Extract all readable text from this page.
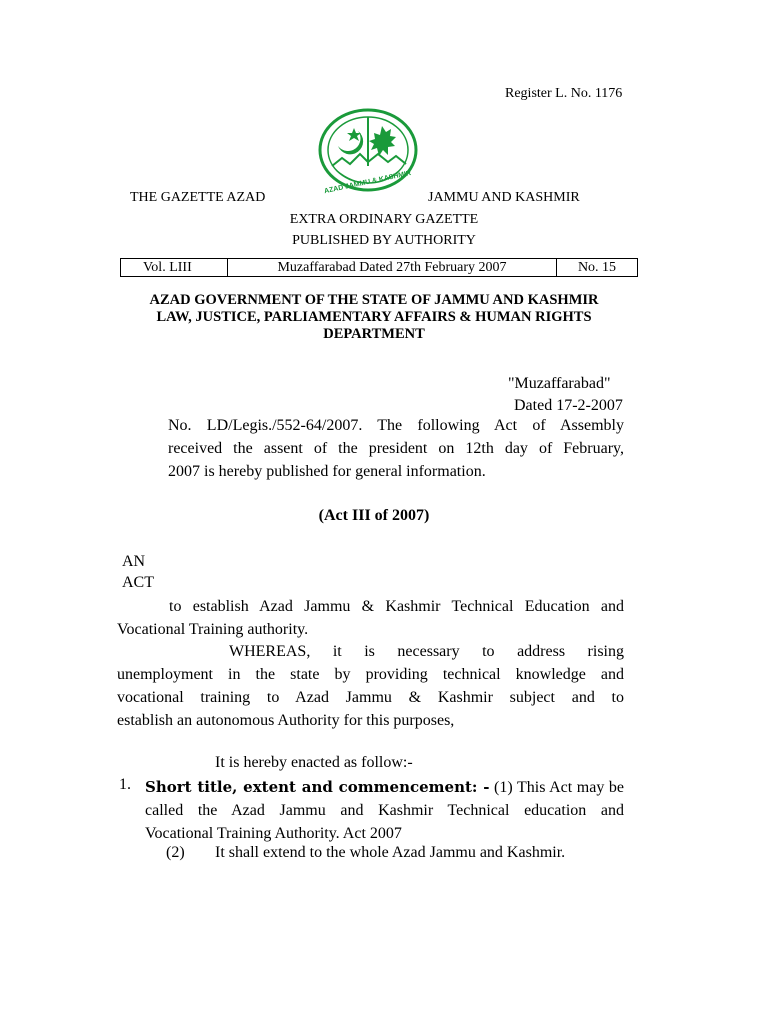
Register L. No. 1176
AZAD JAMMU & KASHMIR
THE GAZETTE AZAD	JAMMU AND KASHMIR
EXTRA ORDINARY GAZETTE
PUBLISHED BY AUTHORITY
Vol. LIII	Muzaffarabad Dated 27th February 2007	No. 15
AZAD GOVERNMENT OF THE STATE OF JAMMU AND KASHMIR
LAW, JUSTICE, PARLIAMENTARY AFFAIRS & HUMAN RIGHTS
DEPARTMENT
"Muzaffarabad"
Dated 17-2-2007
No. LD/Legis./552-64/2007. The following Act of Assembly
received the assent of the president on 12th day of February,
2007 is hereby published for general information.
(Act III of 2007)
AN
ACT
to establish Azad Jammu & Kashmir Technical Education and
Vocational Training authority.
WHEREAS, it is necessary to address rising
unemployment in the state by providing technical knowledge and
vocational training to Azad Jammu & Kashmir subject and to
establish an autonomous Authority for this purposes,
It is hereby enacted as follow:-
1. Short title, extent and commencement: - (1) This Act may be
called the Azad Jammu and Kashmir Technical education and
Vocational Training Authority. Act 2007
(2) It shall extend to the whole Azad Jammu and Kashmir.
